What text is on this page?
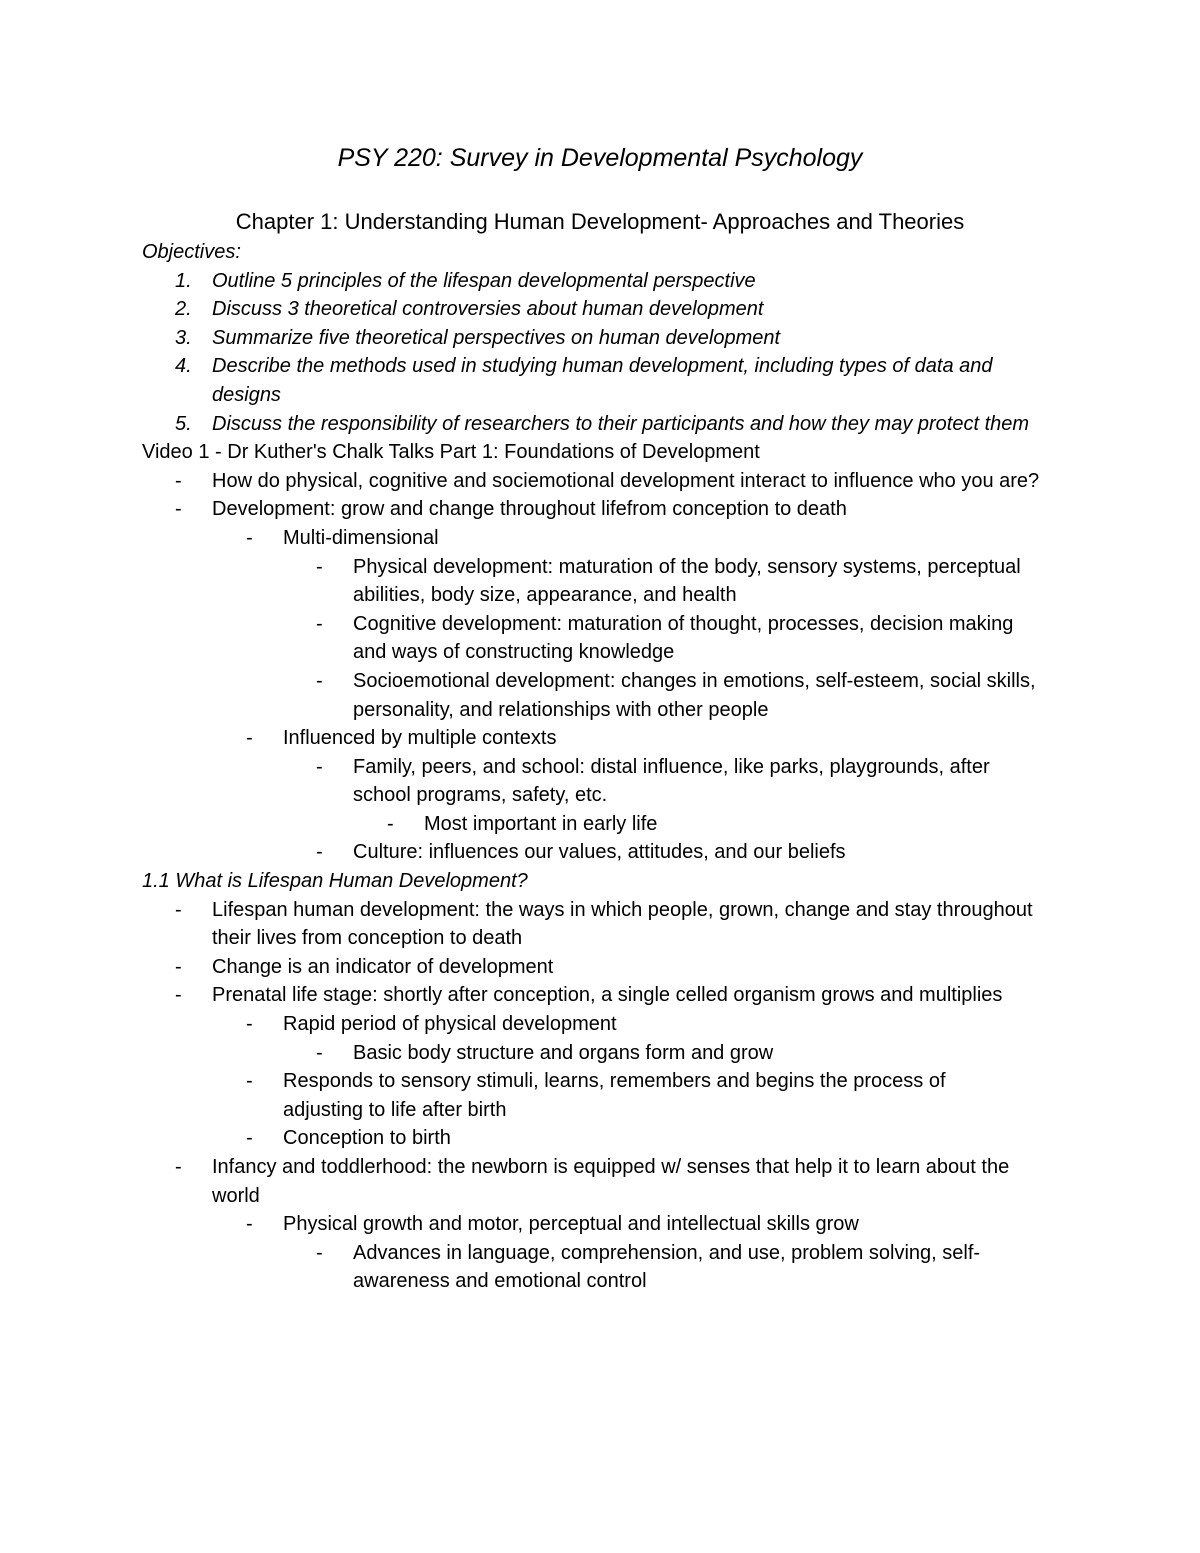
PSY 220: Survey in Developmental Psychology
Chapter 1: Understanding Human Development- Approaches and Theories
Objectives:
1. Outline 5 principles of the lifespan developmental perspective
2. Discuss 3 theoretical controversies about human development
3. Summarize five theoretical perspectives on human development
4. Describe the methods used in studying human development, including types of data and designs
5. Discuss the responsibility of researchers to their participants and how they may protect them
Video 1 - Dr Kuther's Chalk Talks Part 1: Foundations of Development
- How do physical, cognitive and sociemotional development interact to influence who you are?
- Development: grow and change throughout lifefrom conception to death
- Multi-dimensional
- Physical development: maturation of the body, sensory systems, perceptual abilities, body size, appearance, and health
- Cognitive development: maturation of thought, processes, decision making and ways of constructing knowledge
- Socioemotional development: changes in emotions, self-esteem, social skills, personality, and relationships with other people
- Influenced by multiple contexts
- Family, peers, and school: distal influence, like parks, playgrounds, after school programs, safety, etc.
- Most important in early life
- Culture: influences our values, attitudes, and our beliefs
1.1 What is Lifespan Human Development?
- Lifespan human development: the ways in which people, grown, change and stay throughout their lives from conception to death
- Change is an indicator of development
- Prenatal life stage: shortly after conception, a single celled organism grows and multiplies
- Rapid period of physical development
- Basic body structure and organs form and grow
- Responds to sensory stimuli, learns, remembers and begins the process of adjusting to life after birth
- Conception to birth
- Infancy and toddlerhood: the newborn is equipped w/ senses that help it to learn about the world
- Physical growth and motor, perceptual and intellectual skills grow
- Advances in language, comprehension, and use, problem solving, self-awareness and emotional control
